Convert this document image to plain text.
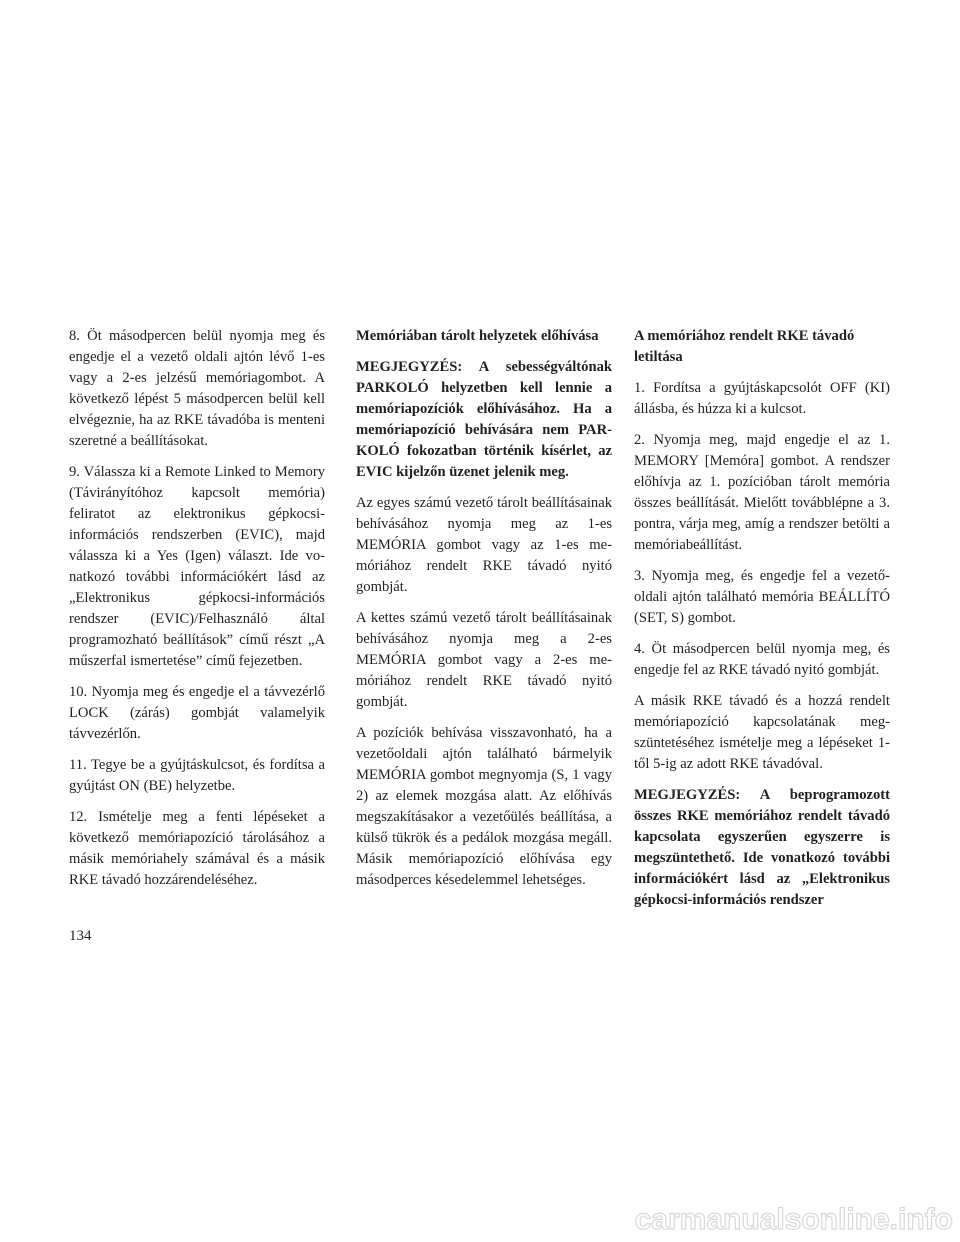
8. Öt másodpercen belül nyomja meg és engedje el a vezető oldali ajtón lévő 1-es vagy a 2-es jelzésű memóriagombot. A következő lépést 5 másodpercen belül kell elvégeznie, ha az RKE távadóba is menteni szeretné a beállításokat.

9. Válassza ki a Remote Linked to Memory (Távirányítóhoz kapcsolt memória) feliratot az elektronikus gépkocsi-információs rendszerben (EVIC), majd válassza ki a Yes (Igen) választ. Ide vonatkozó további információkért lásd az „Elektronikus gépkocsi-információs rendszer (EVIC)/Felhasználó által programozható beállítások” című részt „A műszerfal ismertetése” című fejezetben.

10. Nyomja meg és engedje el a távvezérlő LOCK (zárás) gombját valamelyik távvezérlőn.

11. Tegye be a gyújtáskulcsot, és fordítsa a gyújtást ON (BE) helyzetbe.

12. Ismételje meg a fenti lépéseket a következő memóriapozíció tárolásához a másik memóriahely számával és a másik RKE távadó hozzárendeléséhez.

Memóriában tárolt helyzetek előhívása

MEGJEGYZÉS: A sebességváltónak PARKOLÓ helyzetben kell lennie a memóriapozíciók előhívásához. Ha a memóriapozíció behívására nem PARKOLÓ fokozatban történik kísérlet, az EVIC kijelzőn üzenet jelenik meg.

Az egyes számú vezető tárolt beállításainak behívásához nyomja meg az 1-es MEMÓRIA gombot vagy az 1-es memóriához rendelt RKE távadó nyitó gombját.

A kettes számú vezető tárolt beállításainak behívásához nyomja meg a 2-es MEMÓRIA gombot vagy a 2-es memóriához rendelt RKE távadó nyitó gombját.

A pozíciók behívása visszavonható, ha a vezetőoldali ajtón található bármelyik MEMÓRIA gombot megnyomja (S, 1 vagy 2) az elemek mozgása alatt. Az előhívás megszakításakor a vezetőülés beállítása, a külső tükrök és a pedálok mozgása megáll. Másik memóriapozíció előhívása egy másodperces késedelemmel lehetséges.

A memóriához rendelt RKE távadó letiltása

1. Fordítsa a gyújtáskapcsolót OFF (KI) állásba, és húzza ki a kulcsot.

2. Nyomja meg, majd engedje el az 1. MEMORY [Memóra] gombot. A rendszer előhívja az 1. pozícióban tárolt memória összes beállítását. Mielőtt továbblépne a 3. pontra, várja meg, amíg a rendszer betölti a memóriabeállítást.

3. Nyomja meg, és engedje fel a vezetőoldali ajtón található memória BEÁLLÍTÓ (SET, S) gombot.

4. Öt másodpercen belül nyomja meg, és engedje fel az RKE távadó nyitó gombját.

A másik RKE távadó és a hozzá rendelt memóriapozíció kapcsolatának megszüntetéséhez ismételje meg a lépéseket 1-től 5-ig az adott RKE távadóval.

MEGJEGYZÉS: A beprogramozott összes RKE memóriához rendelt távadó kapcsolata egyszerűen egyszerre is megszüntethető. Ide vonatkozó további információkért lásd az „Elektronikus gépkocsi-információs rendszer

134
carmanualsonline.info
